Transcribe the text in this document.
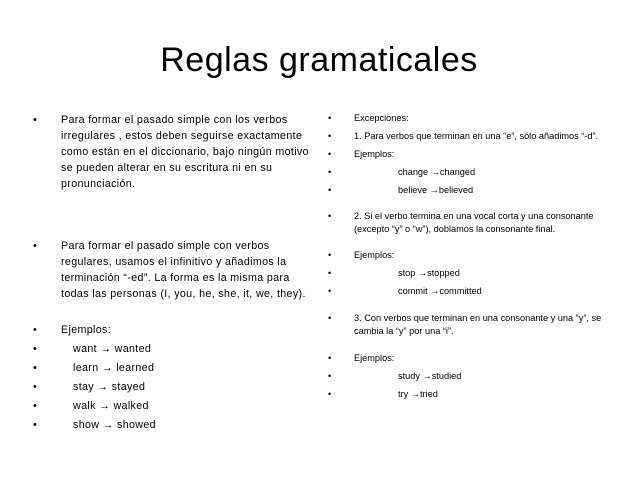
Reglas gramaticales
• Para formar el pasado simple con los verbos irregulares , estos deben seguirse exactamente como están en el diccionario, bajo ningún motivo se pueden alterar en su escritura ni en su pronunciación.
• Para formar el pasado simple con verbos regulares, usamos el infinitivo y añadimos la terminación “-ed”. La forma es la misma para todas las personas (I, you, he, she, it, we, they).
• Ejemplos:
•	want → wanted
•	learn → learned
•	stay → stayed
•	walk → walked
•	show → showed
• Excepciones:
• 1. Para verbos que terminan en una “e”, sólo añadimos “-d”.
• Ejemplos:
•	change →changed
•	believe →believed
• 2. Si el verbo termina en una vocal corta y una consonante (excepto “y” o “w”), doblamos la consonante final.
• Ejemplos:
•	stop →stopped
•	commit →committed
• 3. Con verbos que terminan en una consonante y una “y”, se cambia la “y” por una “i”.
• Ejemplos:
•	study →studied
•	try →tried
